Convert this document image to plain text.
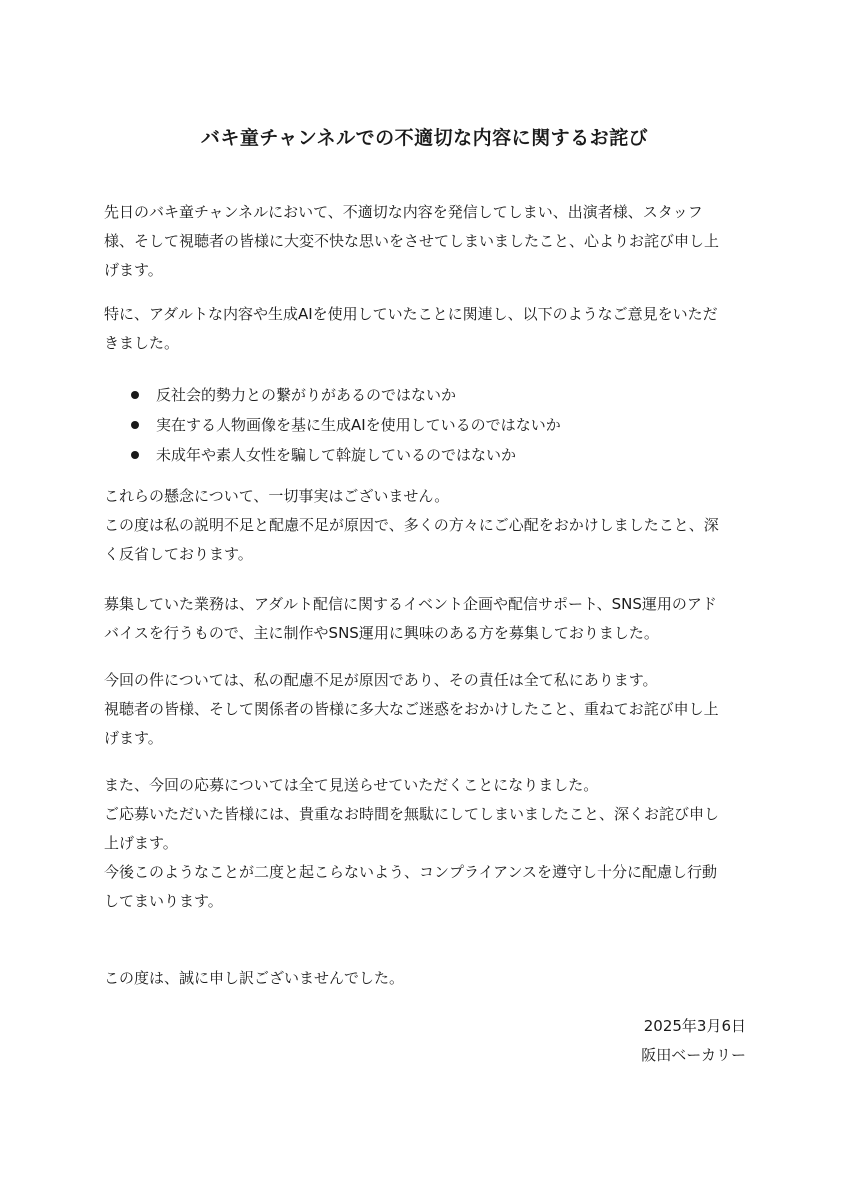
バキ童チャンネルでの不適切な内容に関するお詫び

先日のバキ童チャンネルにおいて、不適切な内容を発信してしまい、出演者様、スタッフ
様、そして視聴者の皆様に大変不快な思いをさせてしまいましたこと、心よりお詫び申し上
げます。

特に、アダルトな内容や生成AIを使用していたことに関連し、以下のようなご意見をいただ
きました。

反社会的勢力との繋がりがあるのではないか
実在する人物画像を基に生成AIを使用しているのではないか
未成年や素人女性を騙して斡旋しているのではないか

これらの懸念について、一切事実はございません。
この度は私の説明不足と配慮不足が原因で、多くの方々にご心配をおかけしましたこと、深
く反省しております。

募集していた業務は、アダルト配信に関するイベント企画や配信サポート、SNS運用のアド
バイスを行うもので、主に制作やSNS運用に興味のある方を募集しておりました。

今回の件については、私の配慮不足が原因であり、その責任は全て私にあります。
視聴者の皆様、そして関係者の皆様に多大なご迷惑をおかけしたこと、重ねてお詫び申し上
げます。

また、今回の応募については全て見送らせていただくことになりました。
ご応募いただいた皆様には、貴重なお時間を無駄にしてしまいましたこと、深くお詫び申し
上げます。
今後このようなことが二度と起こらないよう、コンプライアンスを遵守し十分に配慮し行動
してまいります。

この度は、誠に申し訳ございませんでした。

2025年3月6日

阪田ベーカリー
